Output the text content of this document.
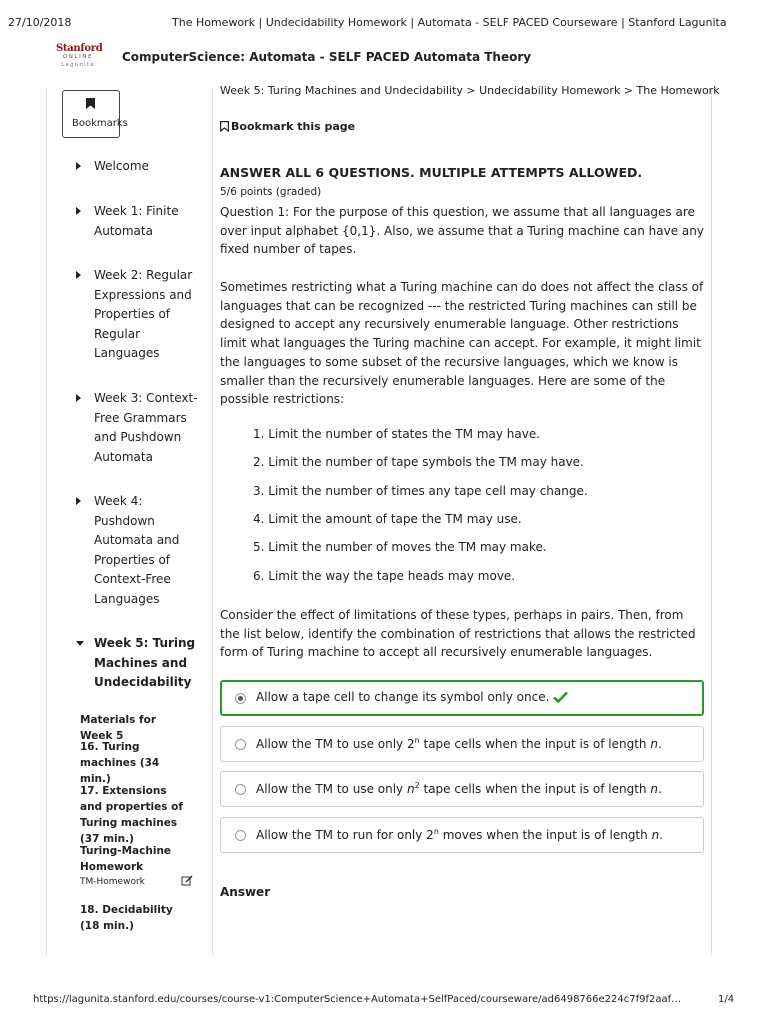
27/10/2018	The Homework | Undecidability Homework | Automata - SELF PACED Courseware | Stanford Lagunita
https://lagunita.stanford.edu/courses/course-v1:ComputerScience+Automata+SelfPaced/courseware/ad6498766e224c7f9f2aaf…	1/4
Stanford
ONLINE
Lagunita
ComputerScience: Automata - SELF PACED Automata Theory
Bookmarks
Welcome
Week 1: Finite Automata
Week 2: Regular Expressions and Properties of Regular Languages
Week 3: Context-Free Grammars and Pushdown Automata
Week 4: Pushdown Automata and Properties of Context-Free Languages
Week 5: Turing Machines and Undecidability
Materials for Week 5
16. Turing machines (34 min.)
17. Extensions and properties of Turing machines (37 min.)
Turing-Machine Homework
TM-Homework
18. Decidability (18 min.)
Week 5: Turing Machines and Undecidability > Undecidability Homework > The Homework
Bookmark this page
ANSWER ALL 6 QUESTIONS. MULTIPLE ATTEMPTS ALLOWED.
5/6 points (graded)
Question 1: For the purpose of this question, we assume that all languages are over input alphabet {0,1}. Also, we assume that a Turing machine can have any fixed number of tapes.
Sometimes restricting what a Turing machine can do does not affect the class of languages that can be recognized --- the restricted Turing machines can still be designed to accept any recursively enumerable language. Other restrictions limit what languages the Turing machine can accept. For example, it might limit the languages to some subset of the recursive languages, which we know is smaller than the recursively enumerable languages. Here are some of the possible restrictions:
1. Limit the number of states the TM may have.
2. Limit the number of tape symbols the TM may have.
3. Limit the number of times any tape cell may change.
4. Limit the amount of tape the TM may use.
5. Limit the number of moves the TM may make.
6. Limit the way the tape heads may move.
Consider the effect of limitations of these types, perhaps in pairs. Then, from the list below, identify the combination of restrictions that allows the restricted form of Turing machine to accept all recursively enumerable languages.
Allow a tape cell to change its symbol only once.
Allow the TM to use only 2$^n$ tape cells when the input is of length n.
Allow the TM to use only $n^2$ tape cells when the input is of length n.
Allow the TM to run for only 2$^n$ moves when the input is of length n.
Answer
